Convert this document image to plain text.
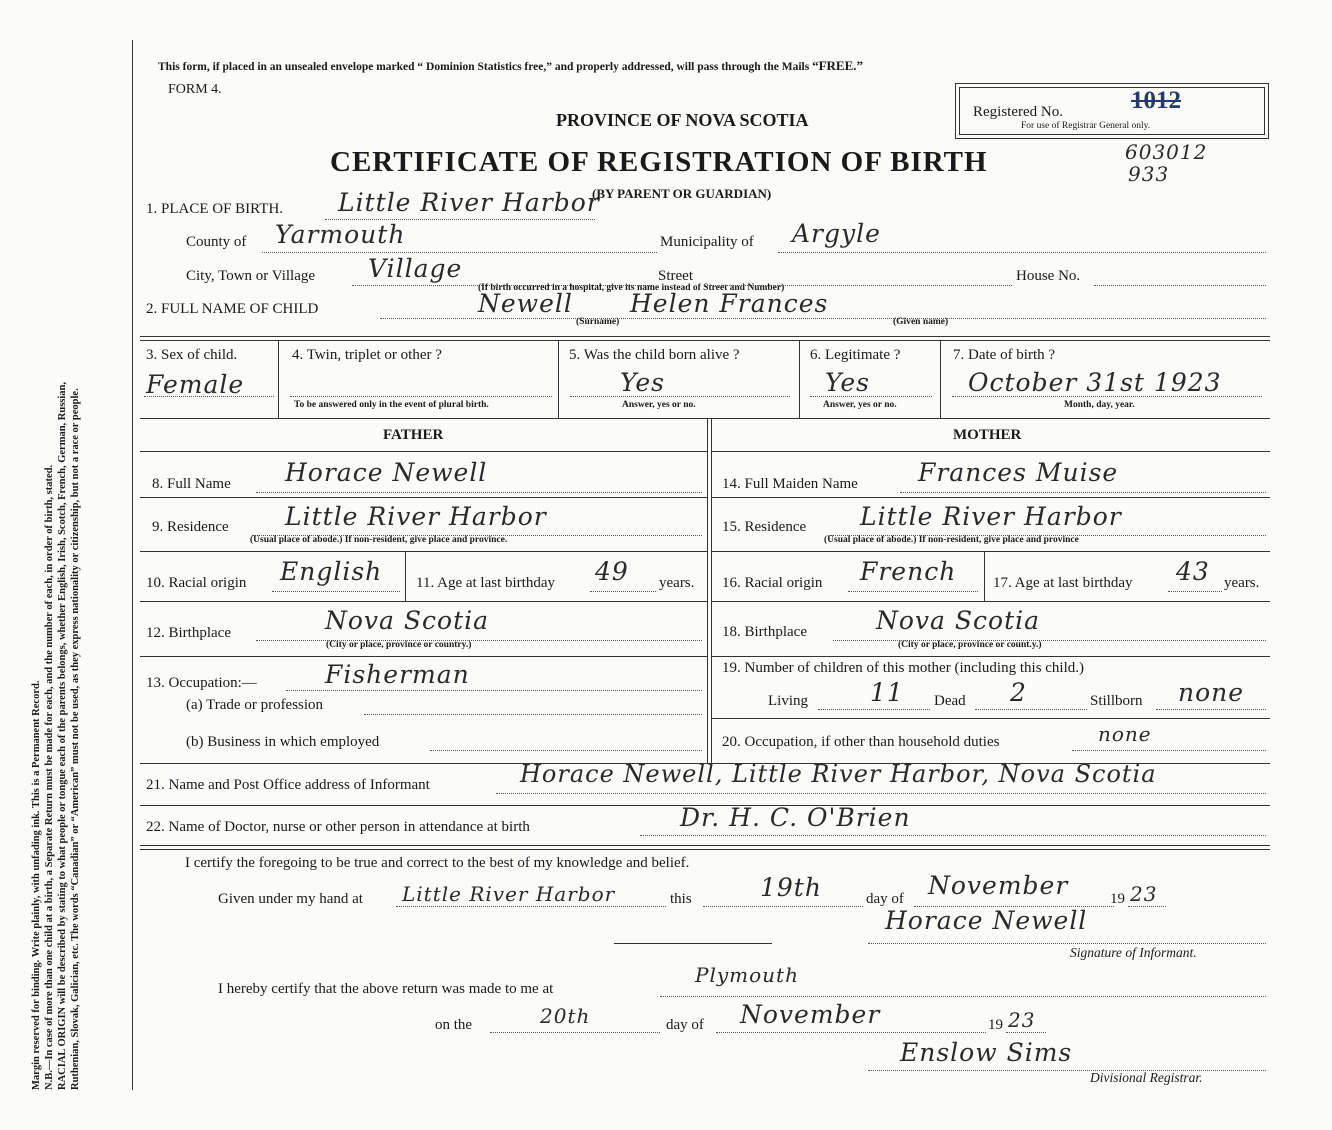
Margin reserved for binding. Write plainly, with unfading ink. This is a Permanent Record. N.B.—In case of more than one child at a birth, a Separate Return must be made for each, and the number of each, in order of birth, stated. RACIAL ORIGIN will be described by stating to what people or tongue each of the parents belongs, whether English, Irish, Scotch, French, German, Russian, Ruthenian, Slovak, Galician, etc. The words “Canadian” or “American” must not be used, as they express nationality or citizenship, but not a race or people.
This form, if placed in an unsealed envelope marked “ Dominion Statistics free,” and properly addressed, will pass through the Mails “FREE.”
FORM 4.
PROVINCE OF NOVA SCOTIA
CERTIFICATE OF REGISTRATION OF BIRTH
(BY PARENT OR GUARDIAN)
Registered No.
For use of Registrar General only.
1012
603012
933
1. PLACE OF BIRTH. Little River Harbor
County of Yarmouth	Municipality of Argyle
City, Town or Village Village
(If birth occurred in a hospital, give its name instead of Street and Number)
Street	House No.
2. FULL NAME OF CHILD	Newell Helen Frances
(Surname)	(Given name)
3. Sex of child.
Female
4. Twin, triplet or other ?
To be answered only in the event of plural birth.
5. Was the child born alive ?
Yes
Answer, yes or no.
6. Legitimate ?
Yes
Answer, yes or no.
7. Date of birth ?
October 31st 1923
Month, day, year.
FATHER	MOTHER
8. Full Name Horace Newell	14. Full Maiden Name Frances Muise
9. Residence Little River Harbor
(Usual place of abode.) If non-resident, give place and province.
15. Residence Little River Harbor
(Usual place of abode.) If non-resident, give place and province
10. Racial origin English 11. Age at last birthday 49 years. 16. Racial origin French 17. Age at last birthday 43 years.
12. Birthplace	Nova Scotia
(City or place, province or country.)
18. Birthplace	Nova Scotia
(City or place, province or count.y.)
13. Occupation:—	Fisherman
(a) Trade or profession
19. Number of children of this mother (including this child.)
Living 11 Dead 2	Stillborn none
(b) Business in which employed	20. Occupation, if other than household duties	none
21. Name and Post Office address of Informant	Horace Newell, Little River Harbor, Nova Scotia
22. Name of Doctor, nurse or other person in attendance at birth	Dr. H. C. O'Brien
I certify the foregoing to be true and correct to the best of my knowledge and belief.
Given under my hand at Little River Harbor	this	19th	day of November	19 23
Horace Newell
Signature of Informant.
I hereby certify that the above return was made to me at
Plymouth
on the	20th	day of November	19 23
Enslow Sims
Divisional Registrar.
